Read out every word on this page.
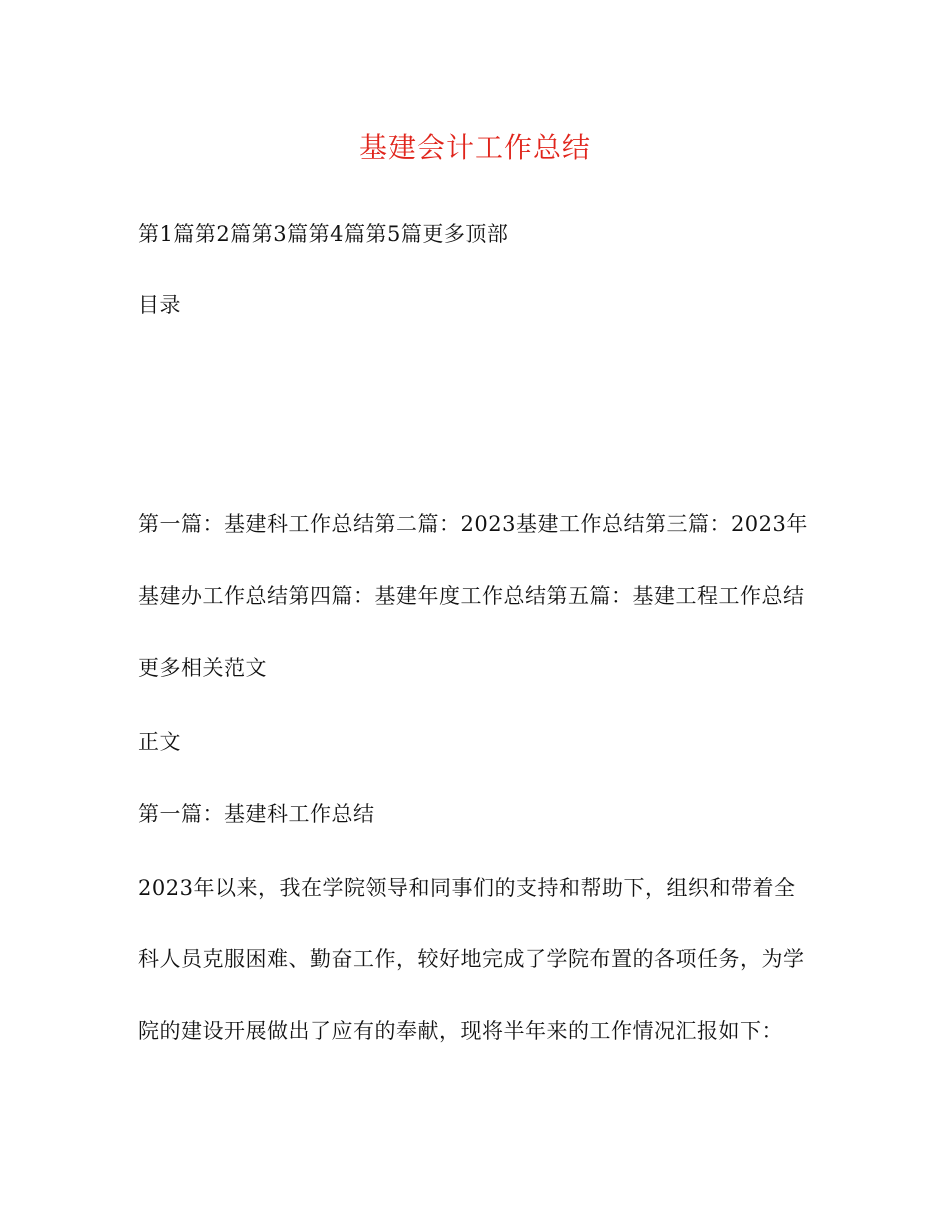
基建会计工作总结
第1篇第2篇第3篇第4篇第5篇更多顶部
目录
第一篇：基建科工作总结第二篇：2023基建工作总结第三篇：2023年
基建办工作总结第四篇：基建年度工作总结第五篇：基建工程工作总结
更多相关范文
正文
第一篇：基建科工作总结
2023年以来，我在学院领导和同事们的支持和帮助下，组织和带着全
科人员克服困难、勤奋工作，较好地完成了学院布置的各项任务，为学
院的建设开展做出了应有的奉献，现将半年来的工作情况汇报如下：
